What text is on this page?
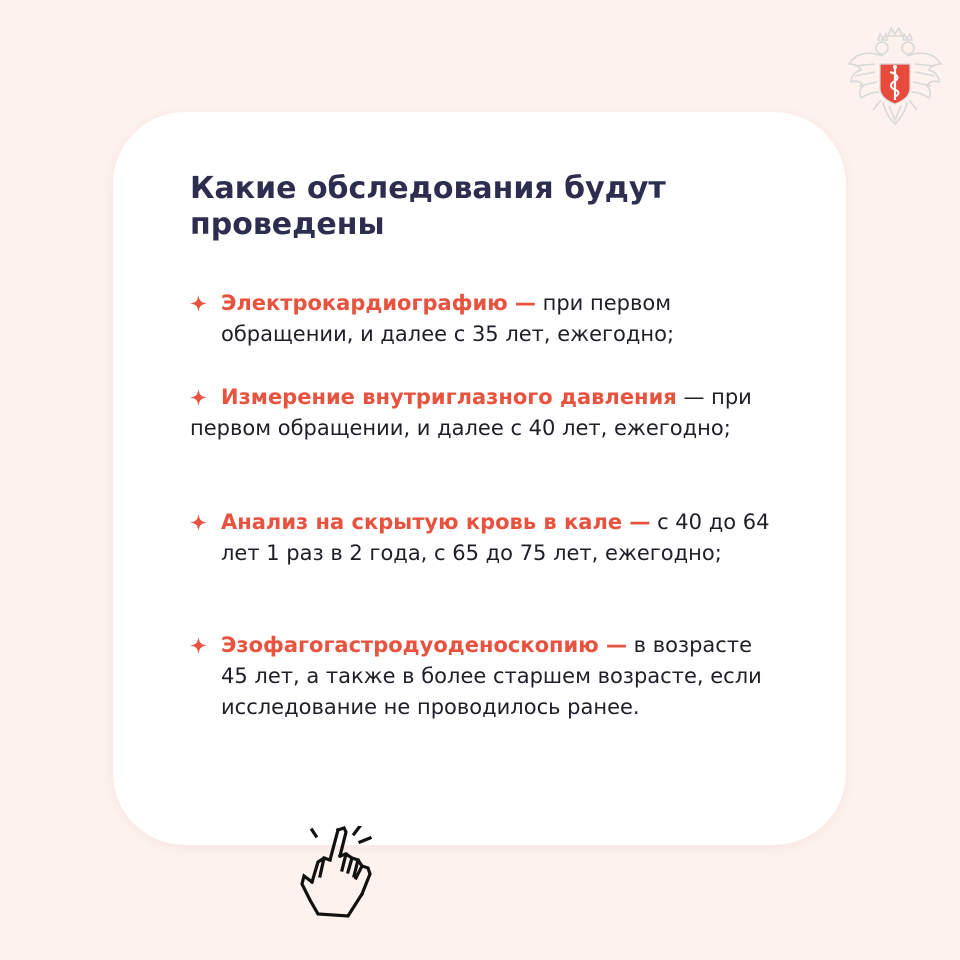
Какие обследования будут проведены
Электрокардиографию — при первом обращении, и далее с 35 лет, ежегодно;
Измерение внутриглазного давления — при первом обращении, и далее с 40 лет, ежегодно;
Анализ на скрытую кровь в кале — с 40 до 64 лет 1 раз в 2 года, с 65 до 75 лет, ежегодно;
Эзофагогастродуоденоскопию — в возрасте 45 лет, а также в более старшем возрасте, если исследование не проводилось ранее.
